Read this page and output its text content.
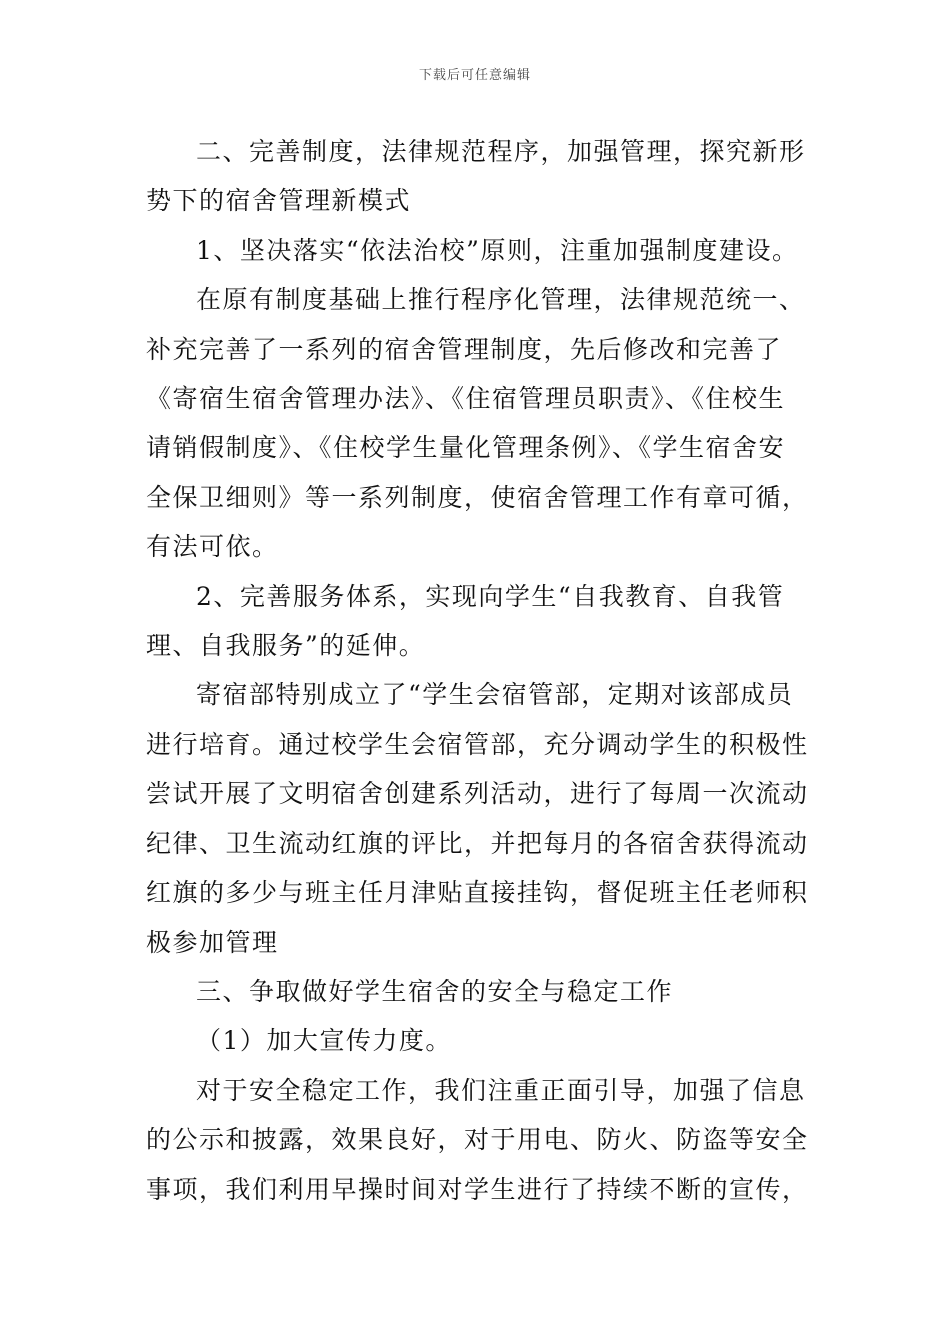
下载后可任意编辑

二、完善制度，法律规范程序，加强管理，探究新形势下的宿舍管理新模式

1、坚决落实“依法治校”原则，注重加强制度建设。

在原有制度基础上推行程序化管理，法律规范统一、补充完善了一系列的宿舍管理制度，先后修改和完善了《寄宿生宿舍管理办法》、《住宿管理员职责》、《住校生请销假制度》、《住校学生量化管理条例》、《学生宿舍安全保卫细则》等一系列制度，使宿舍管理工作有章可循，有法可依。

2、完善服务体系，实现向学生“自我教育、自我管理、自我服务”的延伸。

寄宿部特别成立了“学生会宿管部，定期对该部成员进行培育。通过校学生会宿管部，充分调动学生的积极性尝试开展了文明宿舍创建系列活动，进行了每周一次流动纪律、卫生流动红旗的评比，并把每月的各宿舍获得流动红旗的多少与班主任月津贴直接挂钩，督促班主任老师积极参加管理

三、争取做好学生宿舍的安全与稳定工作

（1）加大宣传力度。

对于安全稳定工作，我们注重正面引导，加强了信息的公示和披露，效果良好，对于用电、防火、防盗等安全事项，我们利用早操时间对学生进行了持续不断的宣传，
